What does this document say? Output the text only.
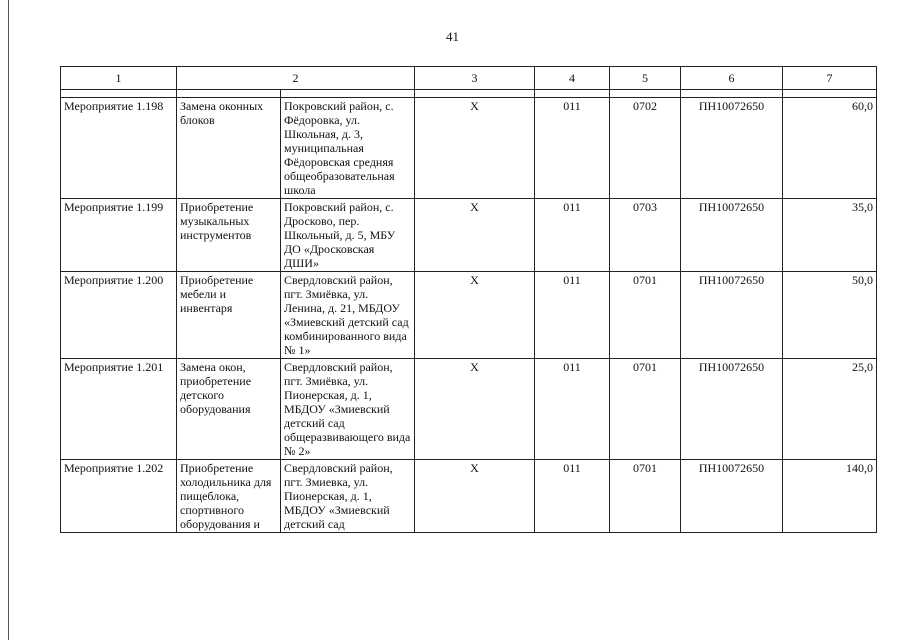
41
1	2		3	4	5	6	7

Мероприятие 1.198	Замена оконных блоков	Покровский район, с. Фёдоровка, ул. Школьная, д. 3, муниципальная Фёдоровская средняя общеобразовательная школа	Х	011	0702	ПН10072650	60,0
Мероприятие 1.199	Приобретение музыкальных инструментов	Покровский район, с. Дросково, пер. Школьный, д. 5, МБУ ДО «Дросковская ДШИ»	Х	011	0703	ПН10072650	35,0
Мероприятие 1.200	Приобретение мебели и инвентаря	Свердловский район, пгт. Змиёвка, ул. Ленина, д. 21, МБДОУ «Змиевский детский сад комбинированного вида № 1»	Х	011	0701	ПН10072650	50,0
Мероприятие 1.201	Замена окон, приобретение детского оборудования	Свердловский район, пгт. Змиёвка, ул. Пионерская, д. 1, МБДОУ «Змиевский детский сад общеразвивающего вида № 2»	Х	011	0701	ПН10072650	25,0
Мероприятие 1.202	Приобретение холодильника для пищеблока, спортивного оборудования и	Свердловский район, пгт. Змиевка, ул. Пионерская, д. 1, МБДОУ «Змиевский детский сад	Х	011	0701	ПН10072650	140,0
